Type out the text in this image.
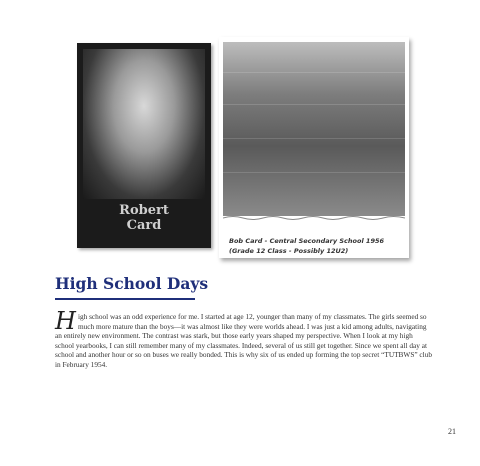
Robert
Card
Bob Card - Central Secondary School 1956
(Grade 12 Class - Possibly 12U2)
High School Days
High school was an odd experience for me. I started at age 12, younger than many of my classmates. The girls seemed so much more mature than the boys—it was almost like they were worlds ahead. I was just a kid among adults, navigating an entirely new environment. The contrast was stark, but those early years shaped my perspective. When I look at my high school yearbooks, I can still remember many of my classmates. Indeed, several of us still get together. Since we spent all day at school and another hour or so on buses we really bonded. This is why six of us ended up forming the top secret “TUTBWS” club in February 1954.
21
